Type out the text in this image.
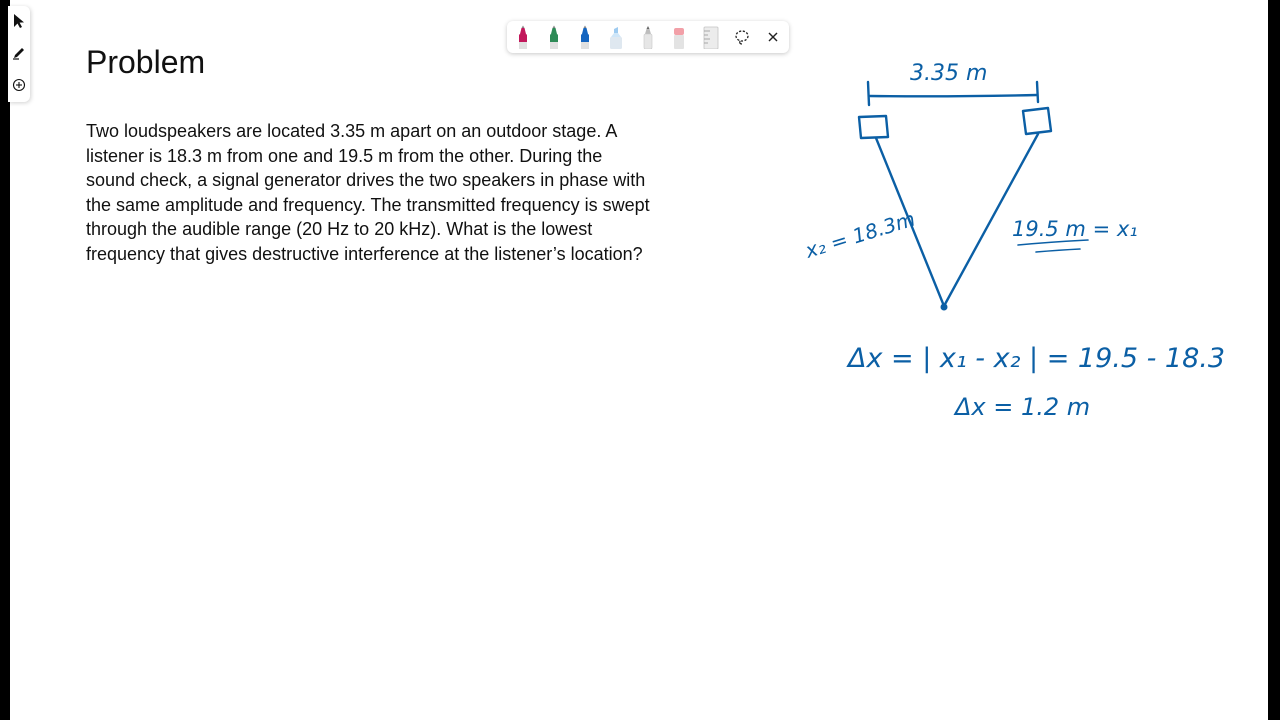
Problem
Two loudspeakers are located 3.35 m apart on an outdoor stage. A
listener is 18.3 m from one and 19.5 m from the other. During the
sound check, a signal generator drives the two speakers in phase with
the same amplitude and frequency. The transmitted frequency is swept
through the audible range (20 Hz to 20 kHz). What is the lowest
frequency that gives destructive interference at the listener’s location?
3.35 m
x₂ = 18.3m	19.5 m = x₁
Δx = | x₁ - x₂ | = 19.5 - 18.3
Δx = 1.2 m
